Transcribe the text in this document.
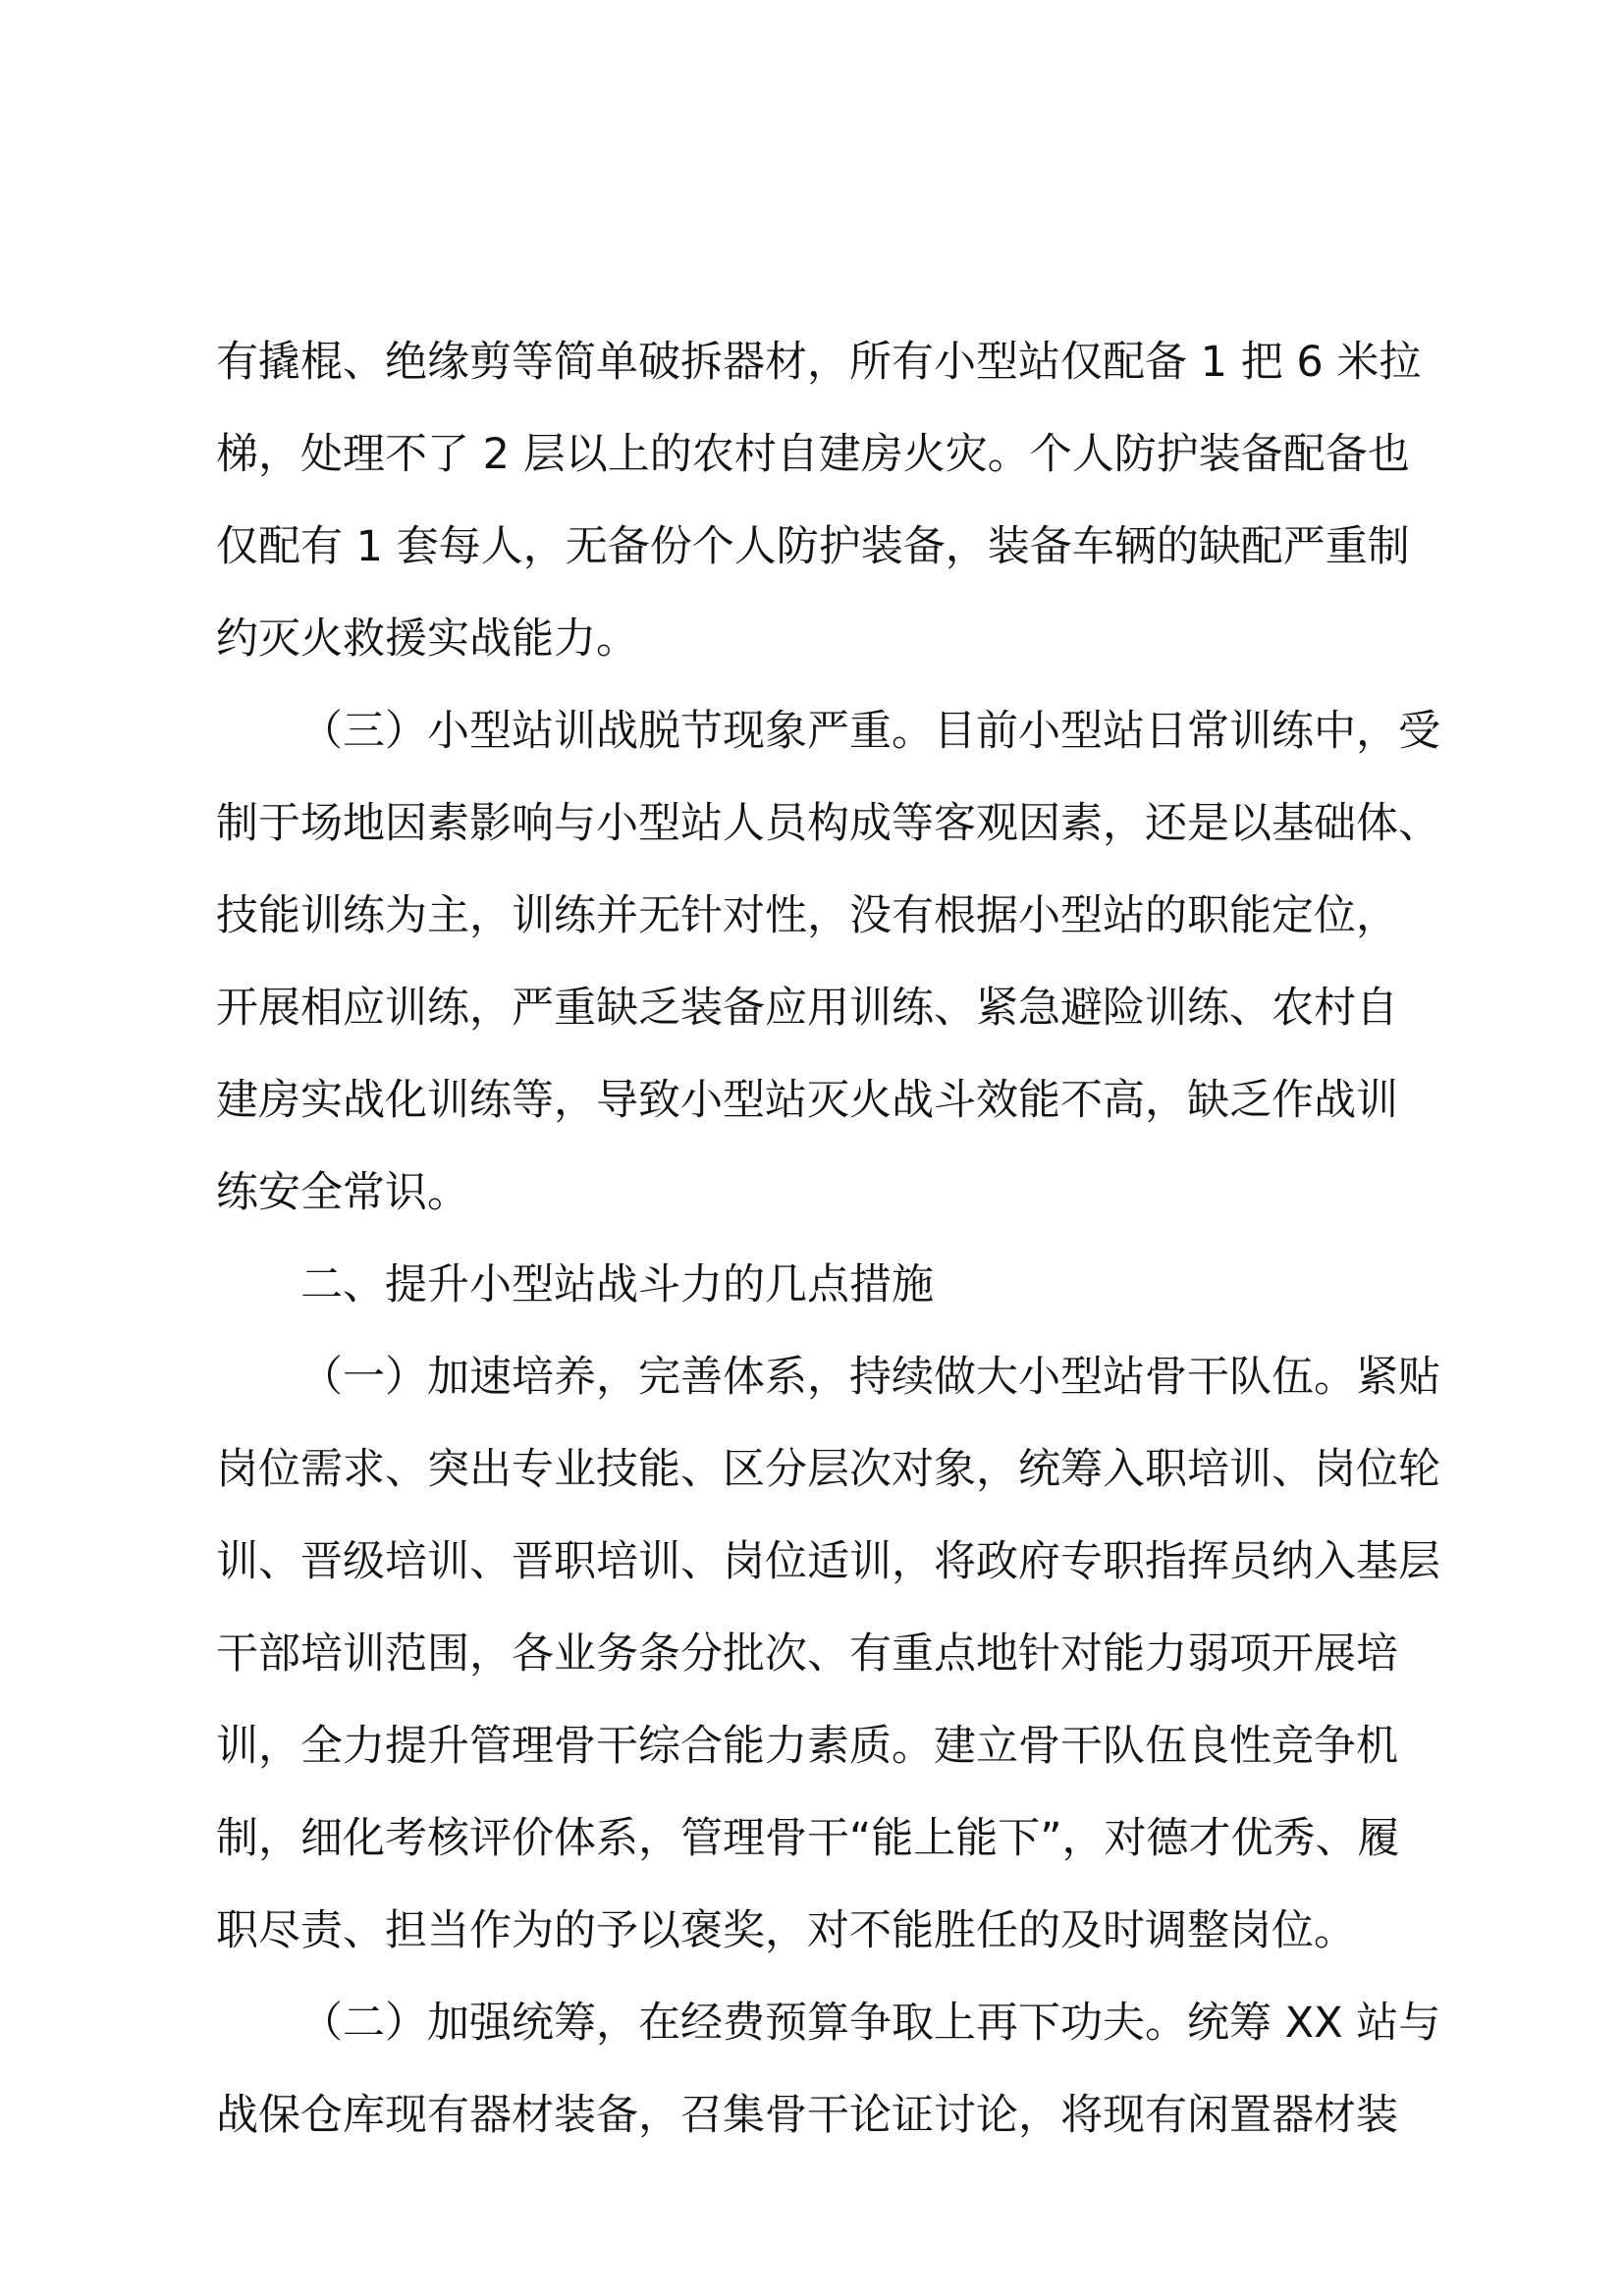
有撬棍、绝缘剪等简单破拆器材，所有小型站仅配备 1 把 6 米拉
梯，处理不了 2 层以上的农村自建房火灾。个人防护装备配备也
仅配有 1 套每人，无备份个人防护装备，装备车辆的缺配严重制
约灭火救援实战能力。
（三）小型站训战脱节现象严重。目前小型站日常训练中，受
制于场地因素影响与小型站人员构成等客观因素，还是以基础体、
技能训练为主，训练并无针对性，没有根据小型站的职能定位，
开展相应训练，严重缺乏装备应用训练、紧急避险训练、农村自
建房实战化训练等，导致小型站灭火战斗效能不高，缺乏作战训
练安全常识。
二、提升小型站战斗力的几点措施
（一）加速培养，完善体系，持续做大小型站骨干队伍。紧贴
岗位需求、突出专业技能、区分层次对象，统筹入职培训、岗位轮
训、晋级培训、晋职培训、岗位适训，将政府专职指挥员纳入基层
干部培训范围，各业务条分批次、有重点地针对能力弱项开展培
训，全力提升管理骨干综合能力素质。建立骨干队伍良性竞争机
制，细化考核评价体系，管理骨干“能上能下”，对德才优秀、履
职尽责、担当作为的予以褒奖，对不能胜任的及时调整岗位。
（二）加强统筹，在经费预算争取上再下功夫。统筹 XX 站与
战保仓库现有器材装备，召集骨干论证讨论，将现有闲置器材装
